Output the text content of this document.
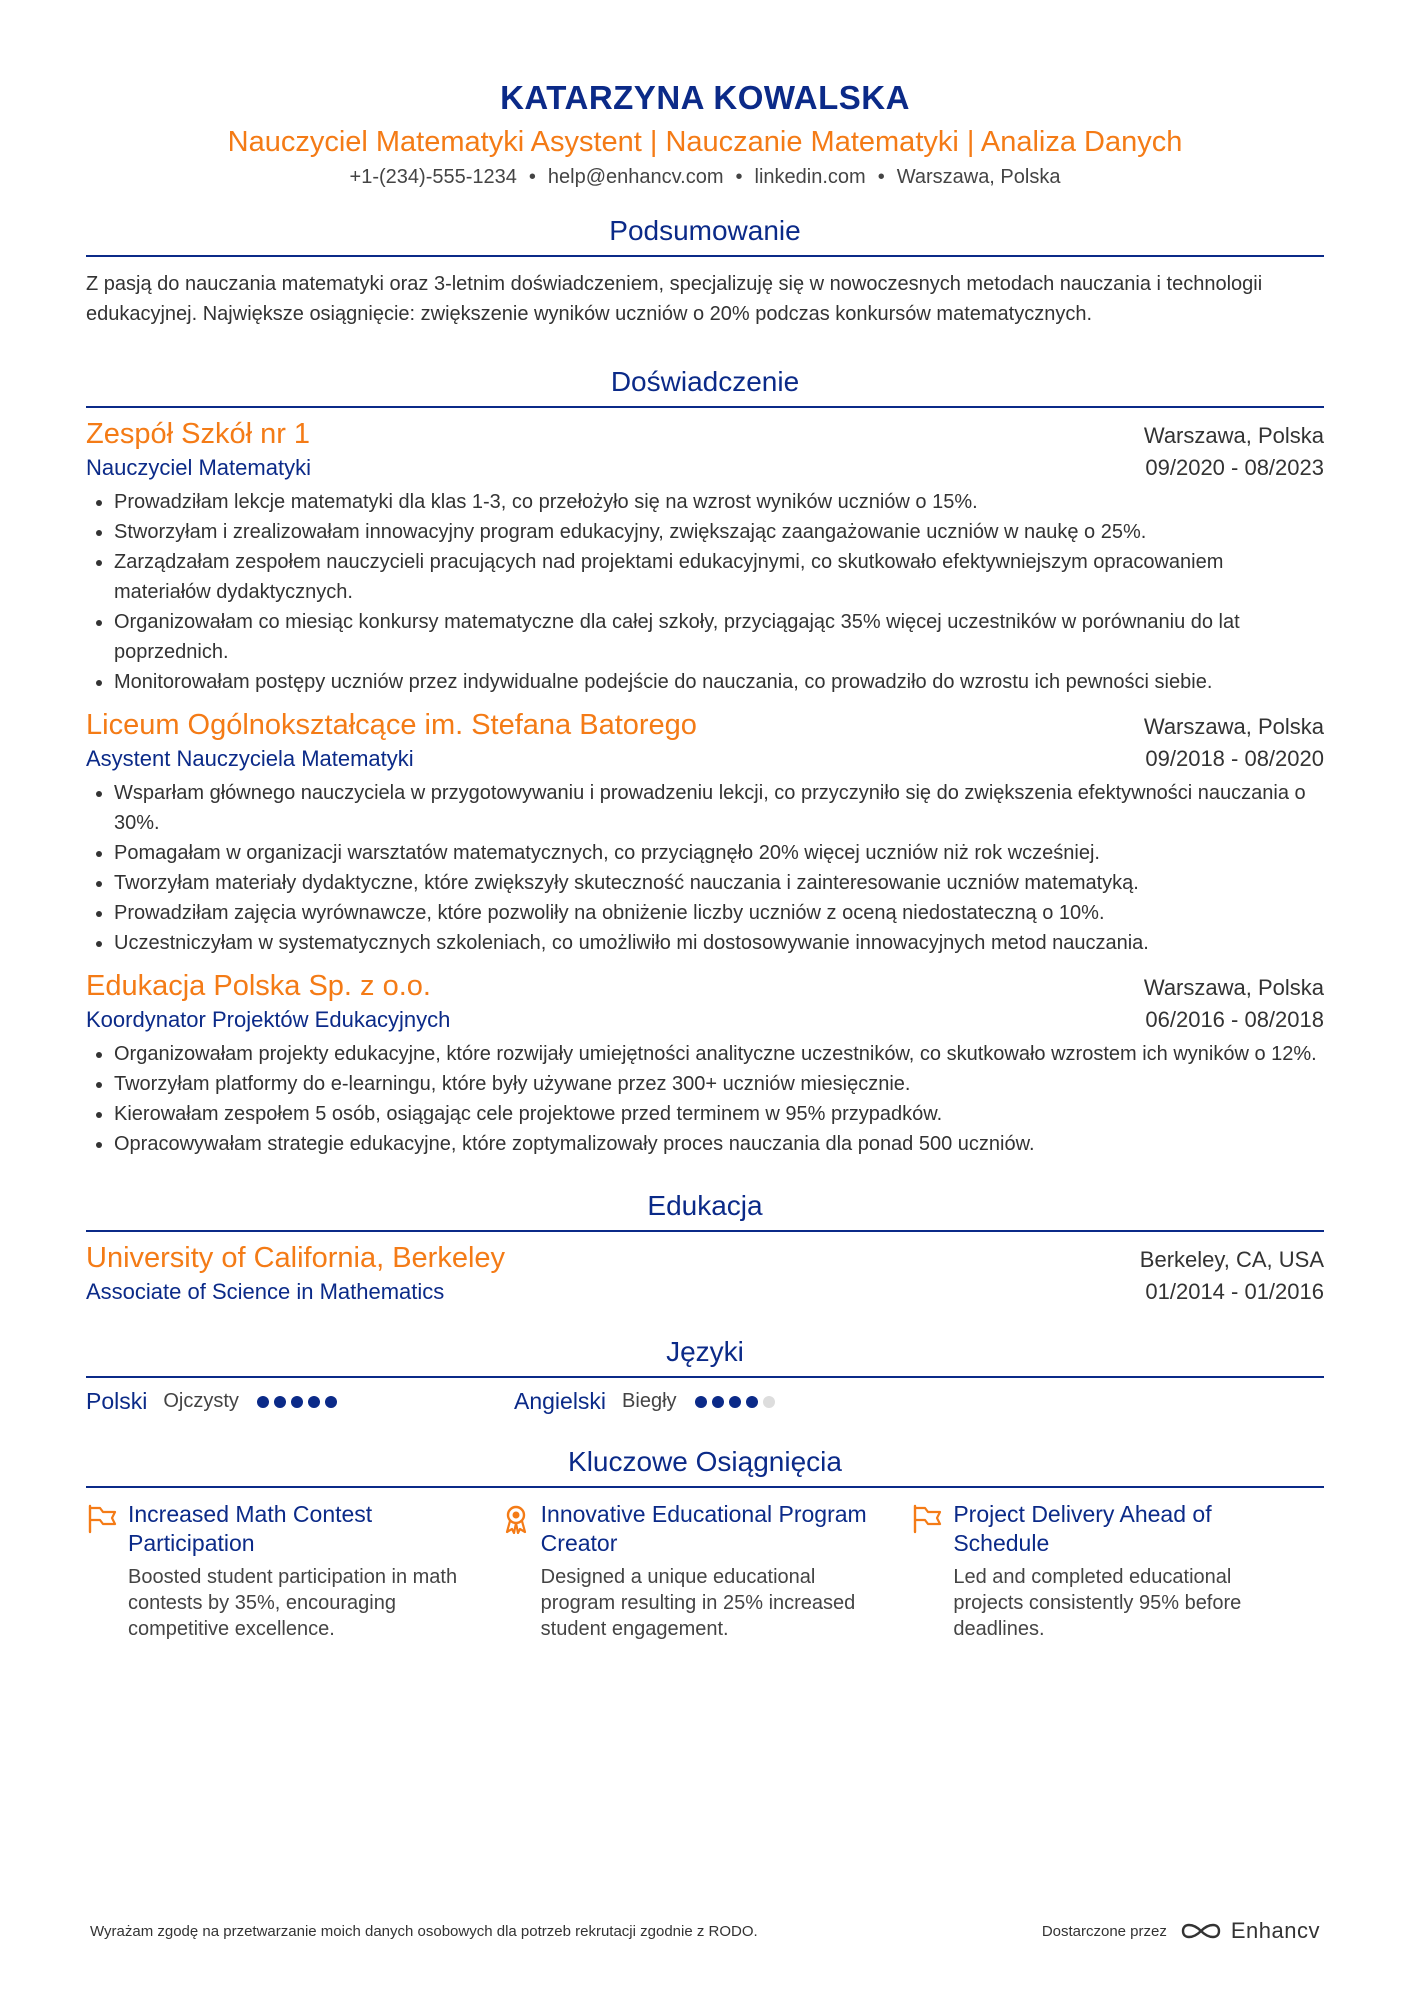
KATARZYNA KOWALSKA
Nauczyciel Matematyki Asystent | Nauczanie Matematyki | Analiza Danych
+1-(234)-555-1234 • help@enhancv.com • linkedin.com • Warszawa, Polska
Podsumowanie
Z pasją do nauczania matematyki oraz 3-letnim doświadczeniem, specjalizuję się w nowoczesnych metodach nauczania i technologii edukacyjnej. Największe osiągnięcie: zwiększenie wyników uczniów o 20% podczas konkursów matematycznych.
Doświadczenie
Zespół Szkół nr 1	Warszawa, Polska
Nauczyciel Matematyki	09/2020 - 08/2023
• Prowadziłam lekcje matematyki dla klas 1-3, co przełożyło się na wzrost wyników uczniów o 15%.
• Stworzyłam i zrealizowałam innowacyjny program edukacyjny, zwiększając zaangażowanie uczniów w naukę o 25%.
• Zarządzałam zespołem nauczycieli pracujących nad projektami edukacyjnymi, co skutkowało efektywniejszym opracowaniem materiałów dydaktycznych.
• Organizowałam co miesiąc konkursy matematyczne dla całej szkoły, przyciągając 35% więcej uczestników w porównaniu do lat poprzednich.
• Monitorowałam postępy uczniów przez indywidualne podejście do nauczania, co prowadziło do wzrostu ich pewności siebie.
Liceum Ogólnokształcące im. Stefana Batorego	Warszawa, Polska
Asystent Nauczyciela Matematyki	09/2018 - 08/2020
• Wsparłam głównego nauczyciela w przygotowywaniu i prowadzeniu lekcji, co przyczyniło się do zwiększenia efektywności nauczania o 30%.
• Pomagałam w organizacji warsztatów matematycznych, co przyciągnęło 20% więcej uczniów niż rok wcześniej.
• Tworzyłam materiały dydaktyczne, które zwiększyły skuteczność nauczania i zainteresowanie uczniów matematyką.
• Prowadziłam zajęcia wyrównawcze, które pozwoliły na obniżenie liczby uczniów z oceną niedostateczną o 10%.
• Uczestniczyłam w systematycznych szkoleniach, co umożliwiło mi dostosowywanie innowacyjnych metod nauczania.
Edukacja Polska Sp. z o.o.	Warszawa, Polska
Koordynator Projektów Edukacyjnych	06/2016 - 08/2018
• Organizowałam projekty edukacyjne, które rozwijały umiejętności analityczne uczestników, co skutkowało wzrostem ich wyników o 12%.
• Tworzyłam platformy do e-learningu, które były używane przez 300+ uczniów miesięcznie.
• Kierowałam zespołem 5 osób, osiągając cele projektowe przed terminem w 95% przypadków.
• Opracowywałam strategie edukacyjne, które zoptymalizowały proces nauczania dla ponad 500 uczniów.
Edukacja
University of California, Berkeley	Berkeley, CA, USA
Associate of Science in Mathematics	01/2014 - 01/2016
Języki
Polski Ojczysty	Angielski Biegły
Kluczowe Osiągnięcia
Increased Math Contest Participation
Boosted student participation in math contests by 35%, encouraging competitive excellence.
Innovative Educational Program Creator
Designed a unique educational program resulting in 25% increased student engagement.
Project Delivery Ahead of Schedule
Led and completed educational projects consistently 95% before deadlines.
Wyrażam zgodę na przetwarzanie moich danych osobowych dla potrzeb rekrutacji zgodnie z RODO.	Dostarczone przez	Enhancv
